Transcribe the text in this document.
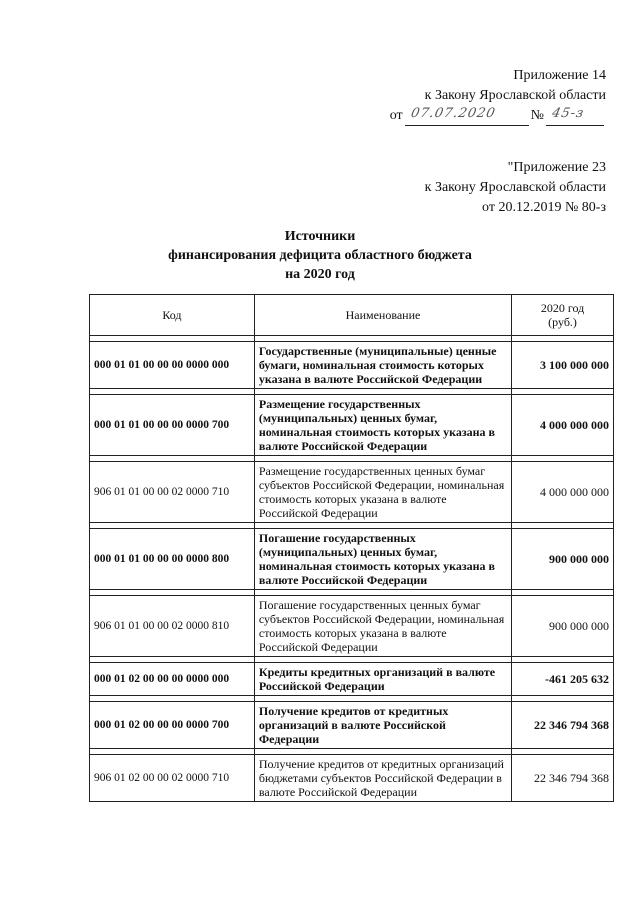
Приложение 14
к Закону Ярославской области
от 07.07.2020 № 45-з
"Приложение 23
к Закону Ярославской области
от 20.12.2019 № 80-з
Источники
финансирования дефицита областного бюджета
на 2020 год
Код	Наименование	2020 год
(руб.)

000 01 01 00 00 00 0000 000	Государственные (муниципальные) ценные бумаги, номинальная стоимость которых указана в валюте Российской Федерации	3 100 000 000

000 01 01 00 00 00 0000 700	Размещение государственных (муниципальных) ценных бумаг, номинальная стоимость которых указана в валюте Российской Федерации	4 000 000 000

906 01 01 00 00 02 0000 710	Размещение государственных ценных бумаг субъектов Российской Федерации, номинальная стоимость которых указана в валюте Российской Федерации	4 000 000 000

000 01 01 00 00 00 0000 800	Погашение государственных (муниципальных) ценных бумаг, номинальная стоимость которых указана в валюте Российской Федерации	900 000 000

906 01 01 00 00 02 0000 810	Погашение государственных ценных бумаг субъектов Российской Федерации, номинальная стоимость которых указана в валюте Российской Федерации	900 000 000

000 01 02 00 00 00 0000 000	Кредиты кредитных организаций в валюте Российской Федерации	-461 205 632

000 01 02 00 00 00 0000 700	Получение кредитов от кредитных организаций в валюте Российской Федерации	22 346 794 368

906 01 02 00 00 02 0000 710	Получение кредитов от кредитных организаций бюджетами субъектов Российской Федерации в валюте Российской Федерации	22 346 794 368
